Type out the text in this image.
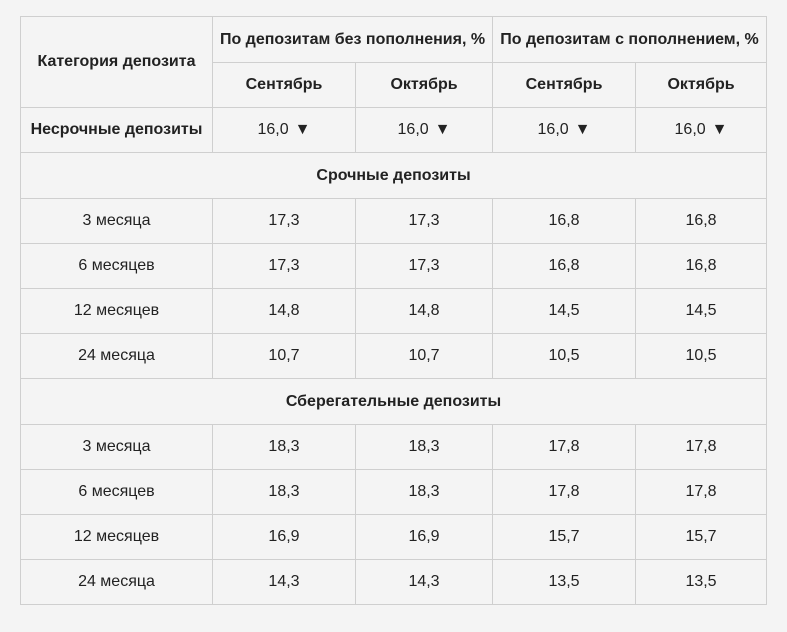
Категория депозита	По депозитам без пополнения, %		По депозитам с пополнением, %	
	Сентябрь	Октябрь	Сентябрь	Октябрь
Несрочные депозиты	16,0 ▼	16,0 ▼	16,0 ▼	16,0 ▼
Срочные депозиты				
3 месяца	17,3	17,3	16,8	16,8
6 месяцев	17,3	17,3	16,8	16,8
12 месяцев	14,8	14,8	14,5	14,5
24 месяца	10,7	10,7	10,5	10,5
Сберегательные депозиты				
3 месяца	18,3	18,3	17,8	17,8
6 месяцев	18,3	18,3	17,8	17,8
12 месяцев	16,9	16,9	15,7	15,7
24 месяца	14,3	14,3	13,5	13,5
